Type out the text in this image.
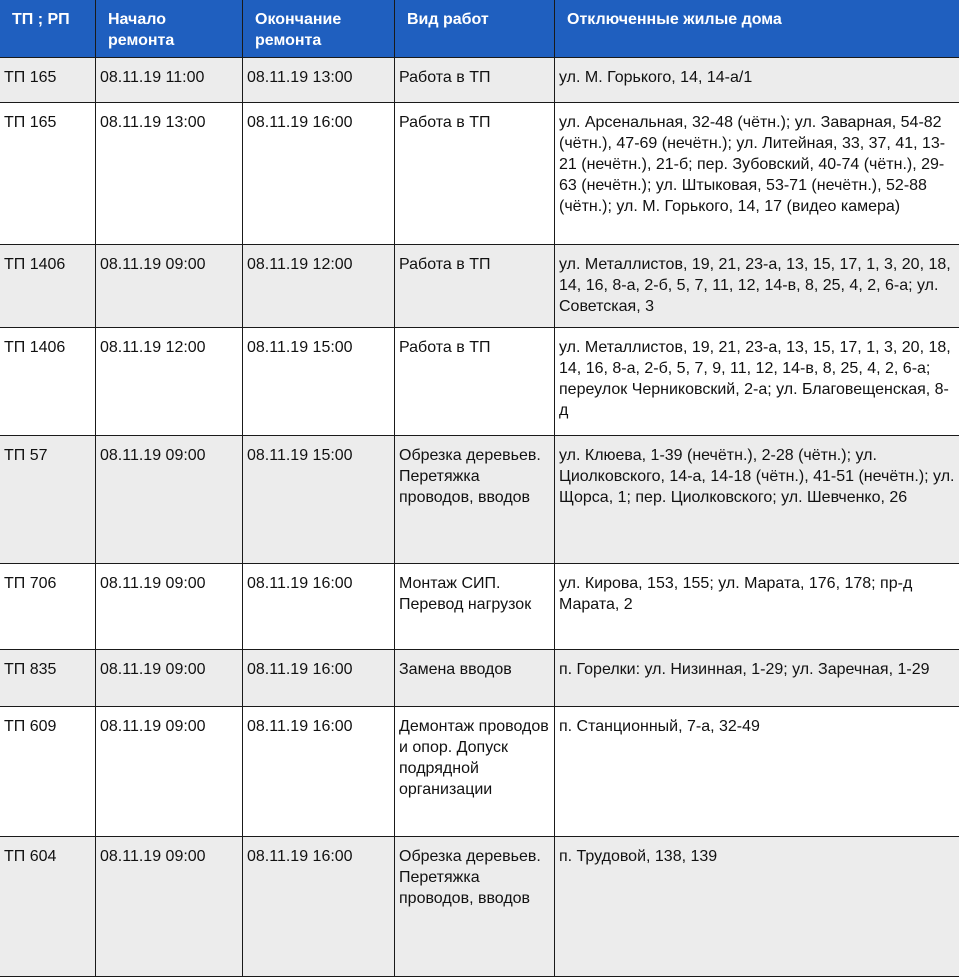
ТП ; РП	Начало ремонта	Окончание ремонта	Вид работ	Отключенные жилые дома
ТП 165	08.11.19 11:00	08.11.19 13:00	Работа в ТП	ул. М. Горького, 14, 14-а/1
ТП 165	08.11.19 13:00	08.11.19 16:00	Работа в ТП	ул. Арсенальная, 32-48 (чётн.); ул. Заварная, 54-82 (чётн.), 47-69 (нечётн.); ул. Литейная, 33, 37, 41, 13-21 (нечётн.), 21-б; пер. Зубовский, 40-74 (чётн.), 29-63 (нечётн.); ул. Штыковая, 53-71 (нечётн.), 52-88 (чётн.); ул. М. Горького, 14, 17 (видео камера)
ТП 1406	08.11.19 09:00	08.11.19 12:00	Работа в ТП	ул. Металлистов, 19, 21, 23-а, 13, 15, 17, 1, 3, 20, 18, 14, 16, 8-а, 2-б, 5, 7, 11, 12, 14-в, 8, 25, 4, 2, 6-а; ул. Советская, 3
ТП 1406	08.11.19 12:00	08.11.19 15:00	Работа в ТП	ул. Металлистов, 19, 21, 23-а, 13, 15, 17, 1, 3, 20, 18, 14, 16, 8-а, 2-б, 5, 7, 9, 11, 12, 14-в, 8, 25, 4, 2, 6-а; переулок Черниковский, 2-а; ул. Благовещенская, 8-д
ТП 57	08.11.19 09:00	08.11.19 15:00	Обрезка деревьев. Перетяжка проводов, вводов	ул. Клюева, 1-39 (нечётн.), 2-28 (чётн.); ул. Циолковского, 14-а, 14-18 (чётн.), 41-51 (нечётн.); ул. Щорса, 1; пер. Циолковского; ул. Шевченко, 26
ТП 706	08.11.19 09:00	08.11.19 16:00	Монтаж СИП. Перевод нагрузок	ул. Кирова, 153, 155; ул. Марата, 176, 178; пр-д Марата, 2
ТП 835	08.11.19 09:00	08.11.19 16:00	Замена вводов	п. Горелки: ул. Низинная, 1-29; ул. Заречная, 1-29
ТП 609	08.11.19 09:00	08.11.19 16:00	Демонтаж проводов и опор. Допуск подрядной организации	п. Станционный, 7-а, 32-49
ТП 604	08.11.19 09:00	08.11.19 16:00	Обрезка деревьев. Перетяжка проводов, вводов	п. Трудовой, 138, 139
